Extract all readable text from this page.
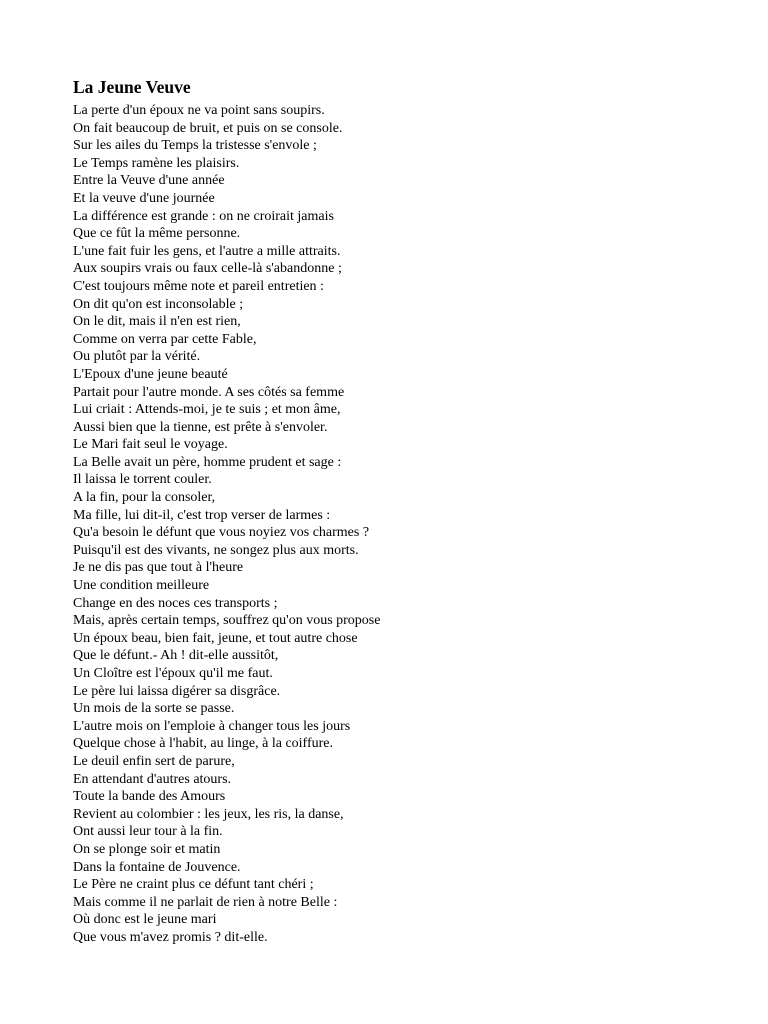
La Jeune Veuve
La perte d'un époux ne va point sans soupirs.
On fait beaucoup de bruit, et puis on se console.
Sur les ailes du Temps la tristesse s'envole ;
Le Temps ramène les plaisirs.
Entre la Veuve d'une année
Et la veuve d'une journée
La différence est grande : on ne croirait jamais
Que ce fût la même personne.
L'une fait fuir les gens, et l'autre a mille attraits.
Aux soupirs vrais ou faux celle-là s'abandonne ;
C'est toujours même note et pareil entretien :
On dit qu'on est inconsolable ;
On le dit, mais il n'en est rien,
Comme on verra par cette Fable,
Ou plutôt par la vérité.
L'Epoux d'une jeune beauté
Partait pour l'autre monde. A ses côtés sa femme
Lui criait : Attends-moi, je te suis ; et mon âme,
Aussi bien que la tienne, est prête à s'envoler.
Le Mari fait seul le voyage.
La Belle avait un père, homme prudent et sage :
Il laissa le torrent couler.
A la fin, pour la consoler,
Ma fille, lui dit-il, c'est trop verser de larmes :
Qu'a besoin le défunt que vous noyiez vos charmes ?
Puisqu'il est des vivants, ne songez plus aux morts.
Je ne dis pas que tout à l'heure
Une condition meilleure
Change en des noces ces transports ;
Mais, après certain temps, souffrez qu'on vous propose
Un époux beau, bien fait, jeune, et tout autre chose
Que le défunt.- Ah ! dit-elle aussitôt,
Un Cloître est l'époux qu'il me faut.
Le père lui laissa digérer sa disgrâce.
Un mois de la sorte se passe.
L'autre mois on l'emploie à changer tous les jours
Quelque chose à l'habit, au linge, à la coiffure.
Le deuil enfin sert de parure,
En attendant d'autres atours.
Toute la bande des Amours
Revient au colombier : les jeux, les ris, la danse,
Ont aussi leur tour à la fin.
On se plonge soir et matin
Dans la fontaine de Jouvence.
Le Père ne craint plus ce défunt tant chéri ;
Mais comme il ne parlait de rien à notre Belle :
Où donc est le jeune mari
Que vous m'avez promis ? dit-elle.
